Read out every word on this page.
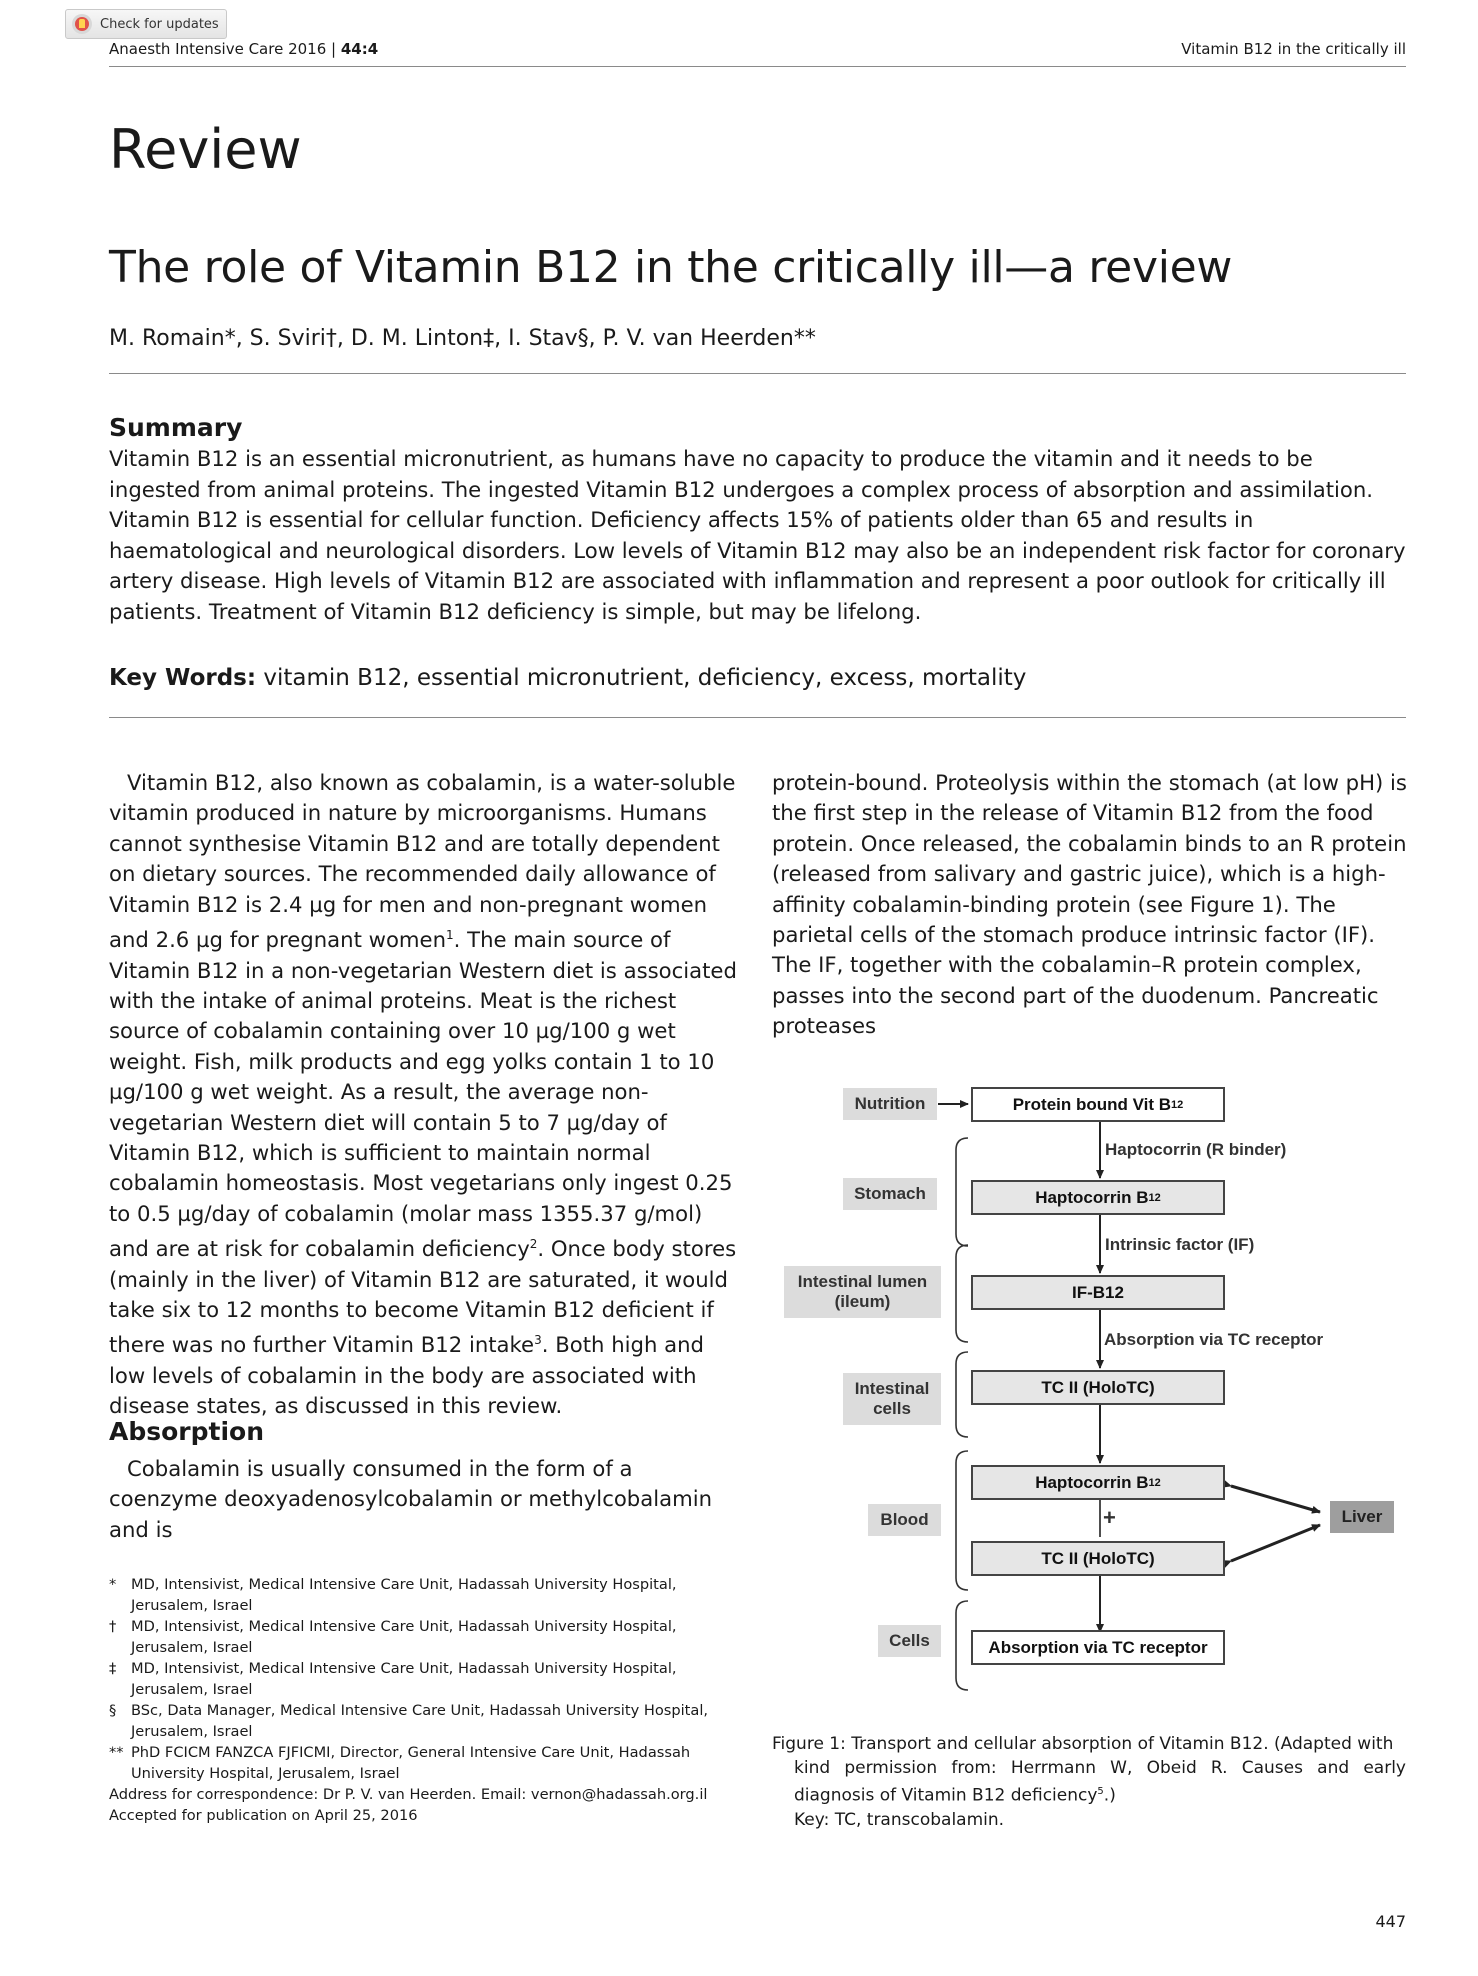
Check for updates
Anaesth Intensive Care 2016 | 44:4	Vitamin B12 in the critically ill
Review
The role of Vitamin B12 in the critically ill—a review
M. Romain*, S. Sviri†, D. M. Linton‡, I. Stav§, P. V. van Heerden**
Summary

Vitamin B12 is an essential micronutrient, as humans have no capacity to produce the vitamin and it needs to be ingested from animal proteins. The ingested Vitamin B12 undergoes a complex process of absorption and assimilation. Vitamin B12 is essential for cellular function. Deficiency affects 15% of patients older than 65 and results in haematological and neurological disorders. Low levels of Vitamin B12 may also be an independent risk factor for coronary artery disease. High levels of Vitamin B12 are associated with inflammation and represent a poor outlook for critically ill patients. Treatment of Vitamin B12 deficiency is simple, but may be lifelong.

Key Words: vitamin B12, essential micronutrient, deficiency, excess, mortality

Vitamin B12, also known as cobalamin, is a water-soluble vitamin produced in nature by microorganisms. Humans cannot synthesise Vitamin B12 and are totally dependent on dietary sources. The recommended daily allowance of Vitamin B12 is 2.4 µg for men and non-pregnant women and 2.6 µg for pregnant women$^1$. The main source of Vitamin B12 in a non-vegetarian Western diet is associated with the intake of animal proteins. Meat is the richest source of cobalamin containing over 10 µg/100 g wet weight. Fish, milk products and egg yolks contain 1 to 10 µg/100 g wet weight. As a result, the average non-vegetarian Western diet will contain 5 to 7 µg/day of Vitamin B12, which is sufficient to maintain normal cobalamin homeostasis. Most vegetarians only ingest 0.25 to 0.5 µg/day of cobalamin (molar mass 1355.37 g/mol) and are at risk for cobalamin deficiency$^2$. Once body stores (mainly in the liver) of Vitamin B12 are saturated, it would take six to 12 months to become Vitamin B12 deficient if there was no further Vitamin B12 intake$^3$. Both high and low levels of cobalamin in the body are associated with disease states, as discussed in this review.

Absorption

Cobalamin is usually consumed in the form of a coenzyme deoxyadenosylcobalamin or methylcobalamin and is

protein-bound. Proteolysis within the stomach (at low pH) is the first step in the release of Vitamin B12 from the food protein. Once released, the cobalamin binds to an R protein (released from salivary and gastric juice), which is a high-affinity cobalamin-binding protein (see Figure 1). The parietal cells of the stomach produce intrinsic factor (IF). The IF, together with the cobalamin–R protein complex, passes into the second part of the duodenum. Pancreatic proteases

*	MD, Intensivist, Medical Intensive Care Unit, Hadassah University Hospital, Jerusalem, Israel
†	MD, Intensivist, Medical Intensive Care Unit, Hadassah University Hospital, Jerusalem, Israel
‡	MD, Intensivist, Medical Intensive Care Unit, Hadassah University Hospital, Jerusalem, Israel
§	BSc, Data Manager, Medical Intensive Care Unit, Hadassah University Hospital, Jerusalem, Israel
** PhD FCICM FANZCA FJFICMI, Director, General Intensive Care Unit, Hadassah University Hospital, Jerusalem, Israel

Address for correspondence: Dr P. V. van Heerden. Email: vernon@hadassah.org.il

Accepted for publication on April 25, 2016

Nutrition
Stomach
Intestinal lumen
(ileum)
Intestinal
cells
Blood
Cells
Liver
Protein bound Vit B 12
Haptocorrin B 12
IF-B12
TC II (HoloTC)
Haptocorrin B 12
TC II (HoloTC)
Absorption via TC receptor
Haptocorrin (R binder)
Intrinsic factor (IF)
Absorption via TC receptor
+
Figure 1: Transport and cellular absorption of Vitamin B12. (Adapted with
kind permission from: Herrmann W, Obeid R. Causes and early diagnosis of Vitamin B12 deficiency$^5$.)
Key: TC, transcobalamin.
447
